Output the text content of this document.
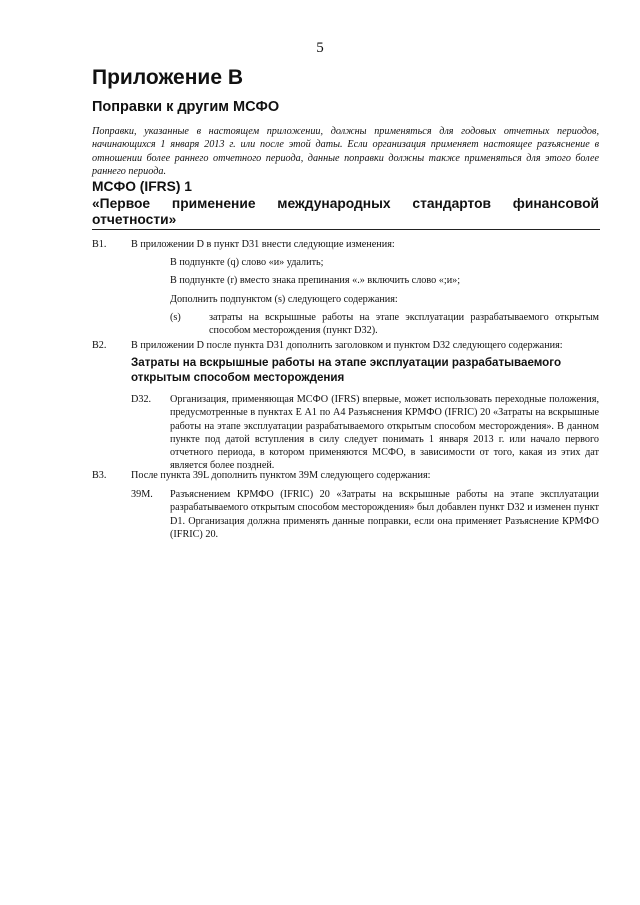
5
Приложение В
Поправки к другим МСФО

Поправки, указанные в настоящем приложении, должны применяться для годовых отчетных периодов, начинающихся 1 января 2013 г. или после этой даты. Если организация применяет настоящее разъяснение в отношении более раннего отчетного периода, данные поправки должны также применяться для этого более раннего периода.

МСФО (IFRS) 1
«Первое применение международных стандартов финансовой
отчетности»
B1. В приложении D в пункт D31 внести следующие изменения:
В подпункте (q) слово «и» удалить;
В подпункте (r) вместо знака препинания «.» включить слово «;и»;
Дополнить подпунктом (s) следующего содержания:
(s)	затраты на вскрышные работы на этапе эксплуатации разрабатываемого открытым способом месторождения (пункт D32).

B2. В приложении D после пункта D31 дополнить заголовком и пунктом D32 следующего содержания:
Затраты на вскрышные работы на этапе эксплуатации разрабатываемого открытым способом месторождения
D32. Организация, применяющая МСФО (IFRS) впервые, может использовать переходные положения, предусмотренные в пунктах Е А1 по А4 Разъяснения КРМФО (IFRIC) 20 «Затраты на вскрышные работы на этапе эксплуатации разрабатываемого открытым способом месторождения». В данном пункте под датой вступления в силу следует понимать 1 января 2013 г. или начало первого отчетного периода, в котором применяются МСФО, в зависимости от того, какая из этих дат является более поздней.

B3. После пункта 39L дополнить пунктом 39M следующего содержания:
39M. Разъяснением КРМФО (IFRIC) 20 «Затраты на вскрышные работы на этапе эксплуатации разрабатываемого открытым способом месторождения» был добавлен пункт D32 и изменен пункт D1. Организация должна применять данные поправки, если она применяет Разъяснение КРМФО (IFRIC) 20.
